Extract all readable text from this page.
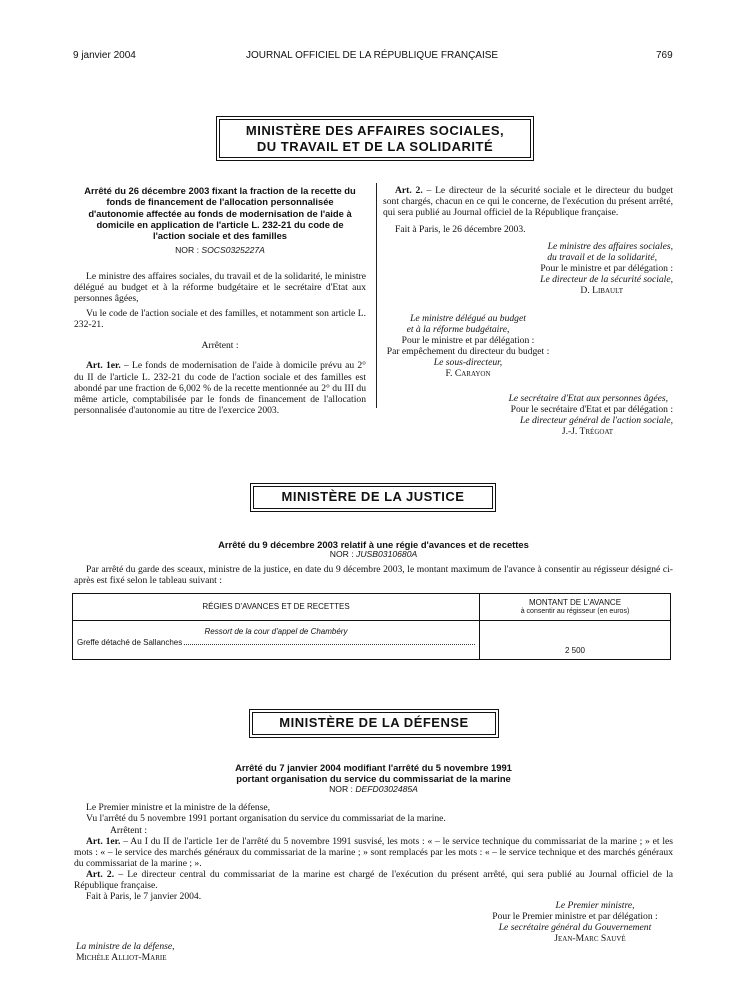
9 janvier 2004	JOURNAL OFFICIEL DE LA RÉPUBLIQUE FRANÇAISE	769
MINISTÈRE DES AFFAIRES SOCIALES,
DU TRAVAIL ET DE LA SOLIDARITÉ
Arrêté du 26 décembre 2003 fixant la fraction de la recette du fonds de financement de l'allocation personnalisée d'autonomie affectée au fonds de modernisation de l'aide à domicile en application de l'article L. 232-21 du code de l'action sociale et des familles
NOR : SOCS0325227A

Le ministre des affaires sociales, du travail et de la solidarité, le ministre délégué au budget et à la réforme budgétaire et le secrétaire d'Etat aux personnes âgées,

Vu le code de l'action sociale et des familles, et notamment son article L. 232-21.

Arrêtent :

Art. 1er. – Le fonds de modernisation de l'aide à domicile prévu au 2° du II de l'article L. 232-21 du code de l'action sociale et des familles est abondé par une fraction de 6,002 % de la recette mentionnée au 2° du III du même article, comptabilisée par le fonds de financement de l'allocation personnalisée d'autonomie au titre de l'exercice 2003.

Art. 2. – Le directeur de la sécurité sociale et le directeur du budget sont chargés, chacun en ce qui le concerne, de l'exécution du présent arrêté, qui sera publié au Journal officiel de la République française.

Fait à Paris, le 26 décembre 2003.
Le ministre des affaires sociales,
du travail et de la solidarité,
Pour le ministre et par délégation :
Le directeur de la sécurité sociale,
D. Libault
Le ministre délégué au budget
et à la réforme budgétaire,
Pour le ministre et par délégation :
Par empêchement du directeur du budget :
Le sous-directeur,
F. Carayon
Le secrétaire d'Etat aux personnes âgées,
Pour le secrétaire d'Etat et par délégation :
Le directeur général de l'action sociale,
J.-J. Trégoat
MINISTÈRE DE LA JUSTICE
Arrêté du 9 décembre 2003 relatif à une régie d'avances et de recettes
NOR : JUSB0310680A

Par arrêté du garde des sceaux, ministre de la justice, en date du 9 décembre 2003, le montant maximum de l'avance à consentir au régisseur désigné ci-après est fixé selon le tableau suivant :

RÉGIES D'AVANCES ET DE RECETTES	MONTANT DE L'AVANCE
à consentir au régisseur (en euros)

Ressort de la cour d'appel de Chambéry
Greffe détaché de Sallanches	2 500
MINISTÈRE DE LA DÉFENSE
Arrêté du 7 janvier 2004 modifiant l'arrêté du 5 novembre 1991
portant organisation du service du commissariat de la marine
NOR : DEFD0302485A

Le Premier ministre et la ministre de la défense,

Vu l'arrêté du 5 novembre 1991 portant organisation du service du commissariat de la marine.

Arrêtent :

Art. 1er. – Au I du II de l'article 1er de l'arrêté du 5 novembre 1991 susvisé, les mots : « – le service technique du commissariat de la marine ; » et les mots : « – le service des marchés généraux du commissariat de la marine ; » sont remplacés par les mots : « – le service technique et des marchés généraux du commissariat de la marine ; ».

Art. 2. – Le directeur central du commissariat de la marine est chargé de l'exécution du présent arrêté, qui sera publié au Journal officiel de la République française.

Fait à Paris, le 7 janvier 2004.
Le Premier ministre,
Pour le Premier ministre et par délégation :
Le secrétaire général du Gouvernement
Jean-Marc Sauvé
La ministre de la défense,
Michèle Alliot-Marie
